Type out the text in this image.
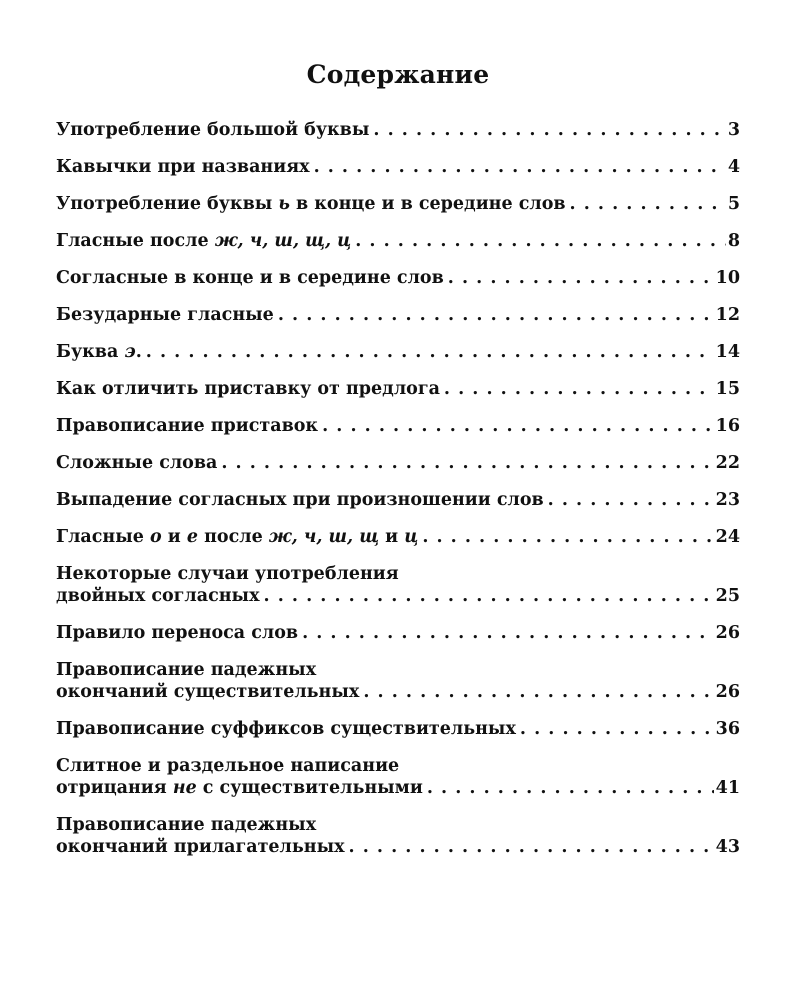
Содержание
Употребление большой буквы . . .	3
Кавычки при названиях . . .	4
Употребление буквы ь в конце и в середине слов . . .	5
Гласные после ж, ч, ш, щ, ц . . .	8
Согласные в конце и в середине слов . . .	10
Безударные гласные . . .	12
Буква э. . . .	14
Как отличить приставку от предлога . . .	15
Правописание приставок . . .	16
Сложные слова . . .	22
Выпадение согласных при произношении слов . . .	23
Гласные о и е после ж, ч, ш, щ и ц . . .	24
Некоторые случаи употребления
двойных согласных . . .	25
Правило переноса слов . . .	26
Правописание падежных
окончаний существительных . . .	26
Правописание суффиксов существительных . . .	36
Слитное и раздельное написание
отрицания не с существительными . . .	41
Правописание падежных
окончаний прилагательных . . .	43
